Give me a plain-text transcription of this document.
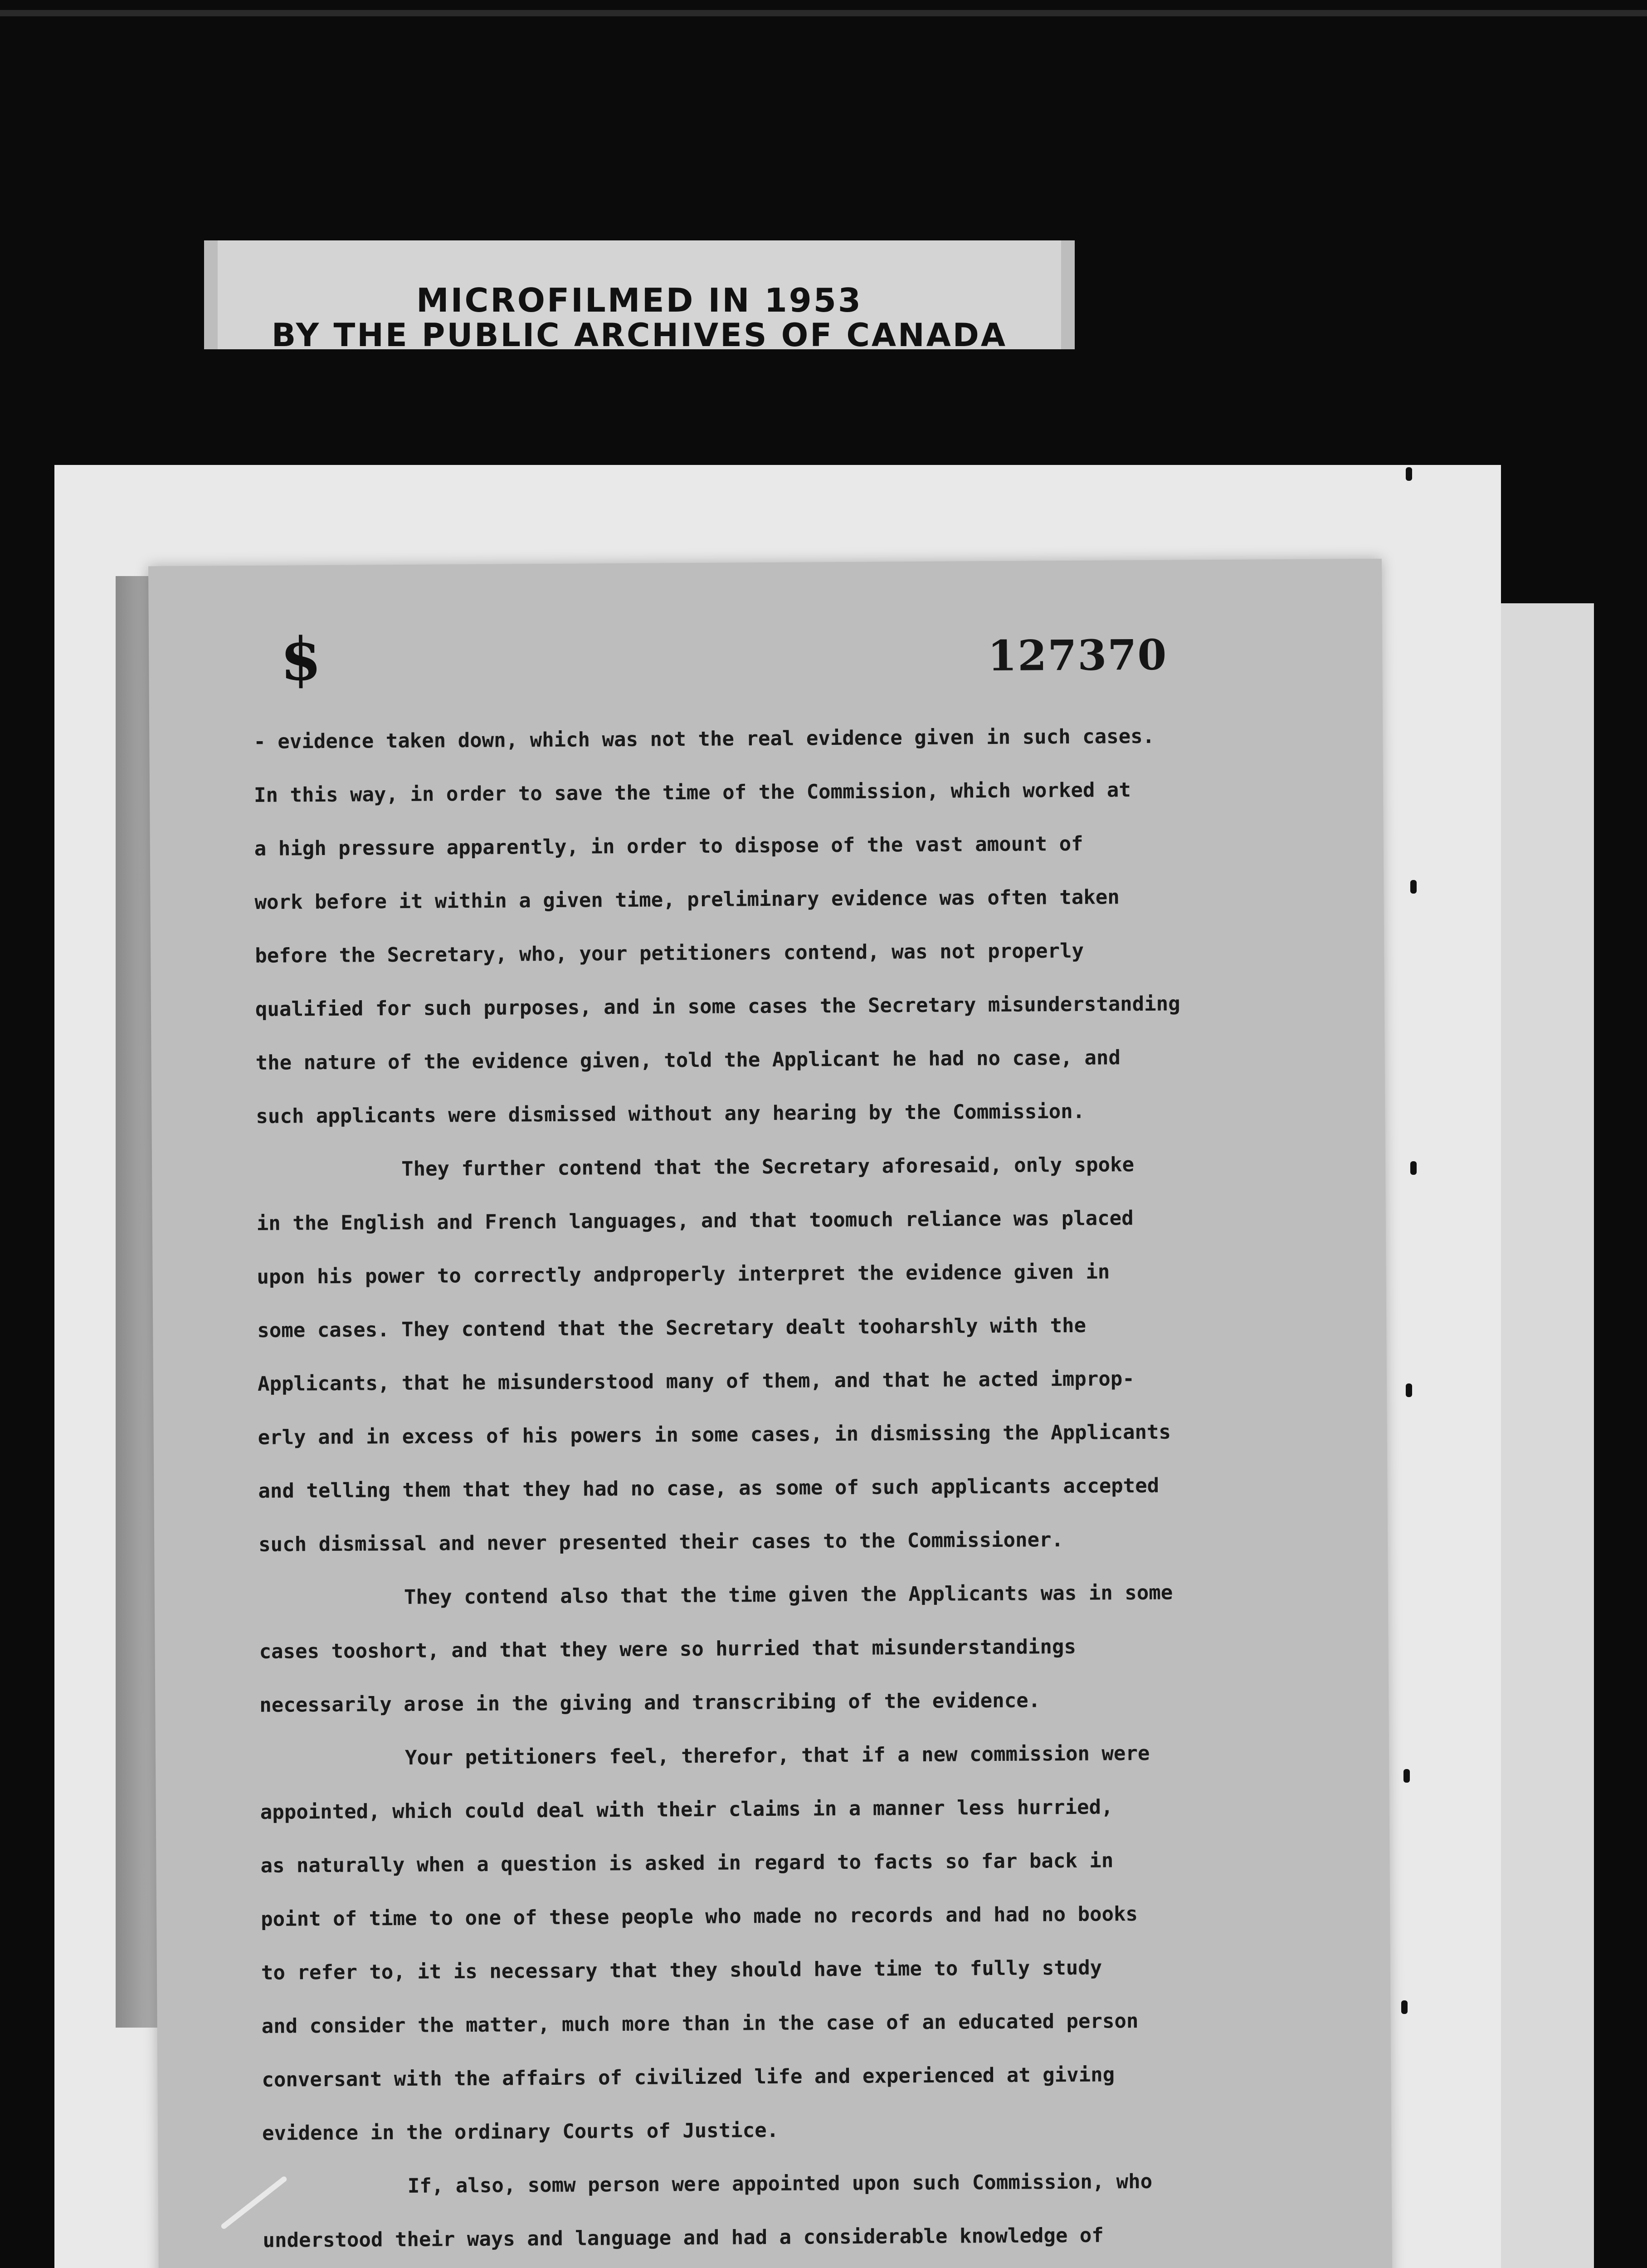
MICROFILMED IN 1953
BY THE PUBLIC ARCHIVES OF CANADA
$	127370
- evidence taken down, which was not the real evidence given in such cases.
In this way, in order to save the time of the Commission, which worked at
a high pressure apparently, in order to dispose of the vast amount of
work before it within a given time, preliminary evidence was often taken
before the Secretary, who, your petitioners contend, was not properly
qualified for such purposes, and in some cases the Secretary misunderstanding
the nature of the evidence given, told the Applicant he had no case, and
such applicants were dismissed without any hearing by the Commission.
They further contend that the Secretary aforesaid, only spoke
in the English and French languages, and that toomuch reliance was placed
upon his power to correctly andproperly interpret the evidence given in
some cases. They contend that the Secretary dealt tooharshly with the
Applicants, that he misunderstood many of them, and that he acted improp-
erly and in excess of his powers in some cases, in dismissing the Applicants
and telling them that they had no case, as some of such applicants accepted
such dismissal and never presented their cases to the Commissioner.
They contend also that the time given the Applicants was in some
cases tooshort, and that they were so hurried that misunderstandings
necessarily arose in the giving and transcribing of the evidence.
Your petitioners feel, therefor, that if a new commission were
appointed, which could deal with their claims in a manner less hurried,
as naturally when a question is asked in regard to facts so far back in
point of time to one of these people who made no records and had no books
to refer to, it is necessary that they should have time to fully study
and consider the matter, much more than in the case of an educated person
conversant with the affairs of civilized life and experienced at giving
evidence in the ordinary Courts of Justice.
If, also, somw person were appointed upon such Commission, who
understood their ways and language and had a considerable knowledge of
